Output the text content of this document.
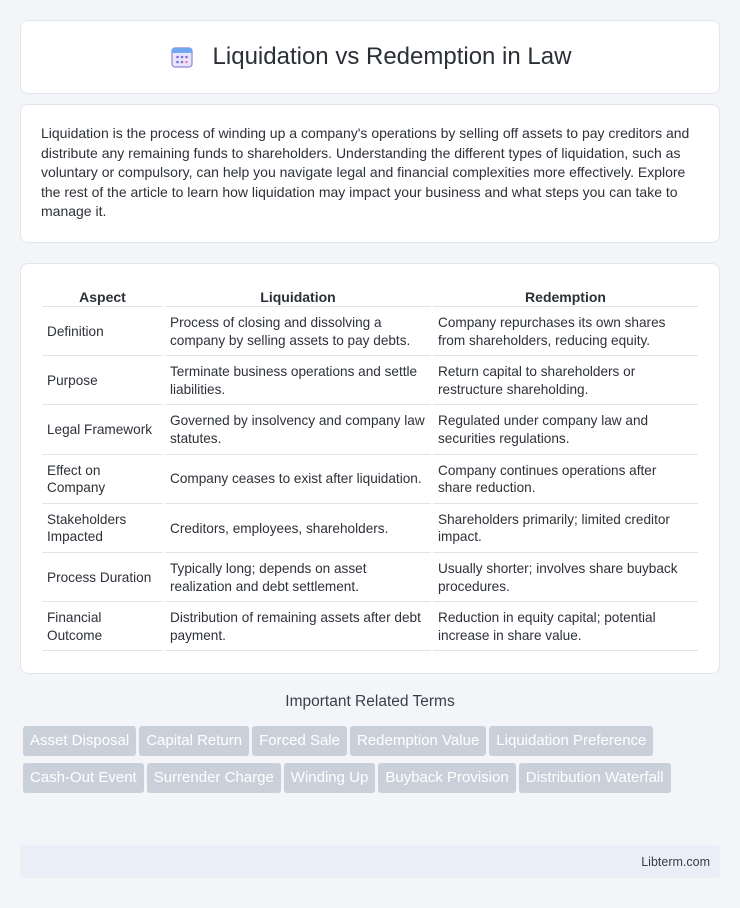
Liquidation vs Redemption in Law

Liquidation is the process of winding up a company's operations by selling off assets to pay creditors and distribute any remaining funds to shareholders. Understanding the different types of liquidation, such as voluntary or compulsory, can help you navigate legal and financial complexities more effectively. Explore the rest of the article to learn how liquidation may impact your business and what steps you can take to manage it.

Aspect	Liquidation	Redemption
Definition	Process of closing and dissolving a company by selling assets to pay debts.	Company repurchases its own shares from shareholders, reducing equity.
Purpose	Terminate business operations and settle liabilities.	Return capital to shareholders or restructure shareholding.
Legal Framework	Governed by insolvency and company law statutes.	Regulated under company law and securities regulations.
Effect on Company	Company ceases to exist after liquidation.	Company continues operations after share reduction.
Stakeholders Impacted	Creditors, employees, shareholders.	Shareholders primarily; limited creditor impact.
Process Duration	Typically long; depends on asset realization and debt settlement.	Usually shorter; involves share buyback procedures.
Financial Outcome	Distribution of remaining assets after debt payment.	Reduction in equity capital; potential increase in share value.
Important Related Terms
Asset Disposal	Capital Return	Forced Sale	Redemption Value	Liquidation Preference
Cash-Out Event	Surrender Charge	Winding Up	Buyback Provision	Distribution Waterfall
Libterm.com
